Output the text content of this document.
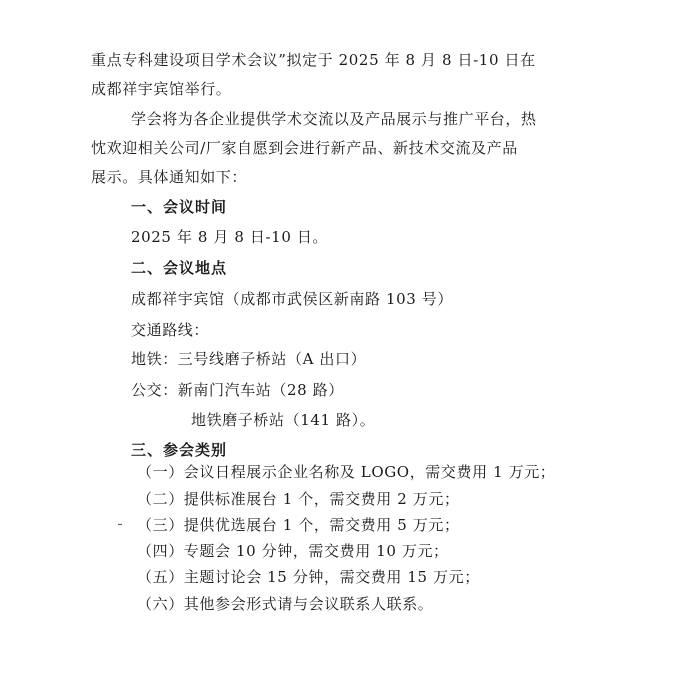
重点专科建设项目学术会议”拟定于 2025 年 8 月 8 日-10 日在
成都祥宇宾馆举行。
学会将为各企业提供学术交流以及产品展示与推广平台，热
忱欢迎相关公司/厂家自愿到会进行新产品、新技术交流及产品
展示。具体通知如下：
一、会议时间
2025 年 8 月 8 日-10 日。
二、会议地点
成都祥宇宾馆（成都市武侯区新南路 103 号）
交通路线：
地铁：三号线磨子桥站（A 出口）
公交：新南门汽车站（28 路）
地铁磨子桥站（141 路）。
三、参会类别
（一）会议日程展示企业名称及 LOGO，需交费用 1 万元；
（二）提供标准展台 1 个，需交费用 2 万元；
（三）提供优选展台 1 个，需交费用 5 万元；
（四）专题会 10 分钟，需交费用 10 万元；
（五）主题讨论会 15 分钟，需交费用 15 万元；
（六）其他参会形式请与会议联系人联系。
